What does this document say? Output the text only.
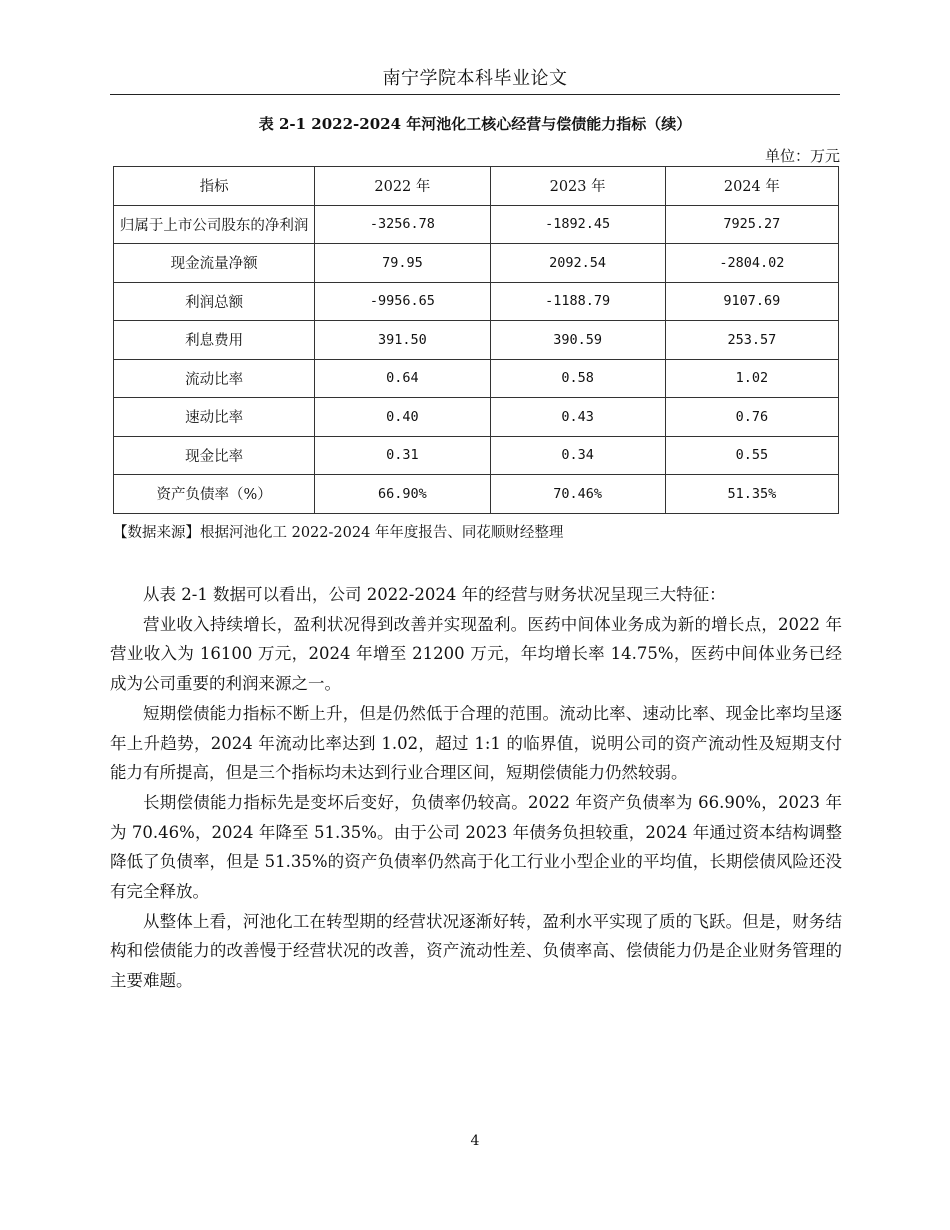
南宁学院本科毕业论文
表 2-1 2022-2024 年河池化工核心经营与偿债能力指标（续）
单位：万元
指标	2022 年	2023 年	2024 年
归属于上市公司股东的净利润	-3256.78	-1892.45	7925.27
现金流量净额	79.95	2092.54	-2804.02
利润总额	-9956.65	-1188.79	9107.69
利息费用	391.50	390.59	253.57
流动比率	0.64	0.58	1.02
速动比率	0.40	0.43	0.76
现金比率	0.31	0.34	0.55
资产负债率（%）	66.90%	70.46%	51.35%
【数据来源】根据河池化工 2022-2024 年年度报告、同花顺财经整理

从表 2-1 数据可以看出，公司 2022-2024 年的经营与财务状况呈现三大特征：

营业收入持续增长，盈利状况得到改善并实现盈利。医药中间体业务成为新的增长点，2022 年营业收入为 16100 万元，2024 年增至 21200 万元，年均增长率 14.75%，医药中间体业务已经成为公司重要的利润来源之一。

短期偿债能力指标不断上升，但是仍然低于合理的范围。流动比率、速动比率、现金比率均呈逐年上升趋势，2024 年流动比率达到 1.02，超过 1:1 的临界值，说明公司的资产流动性及短期支付能力有所提高，但是三个指标均未达到行业合理区间，短期偿债能力仍然较弱。

长期偿债能力指标先是变坏后变好，负债率仍较高。2022 年资产负债率为 66.90%，2023 年为 70.46%，2024 年降至 51.35%。由于公司 2023 年债务负担较重，2024 年通过资本结构调整降低了负债率，但是 51.35%的资产负债率仍然高于化工行业小型企业的平均值，长期偿债风险还没有完全释放。

从整体上看，河池化工在转型期的经营状况逐渐好转，盈利水平实现了质的飞跃。但是，财务结构和偿债能力的改善慢于经营状况的改善，资产流动性差、负债率高、偿债能力仍是企业财务管理的主要难题。

4
